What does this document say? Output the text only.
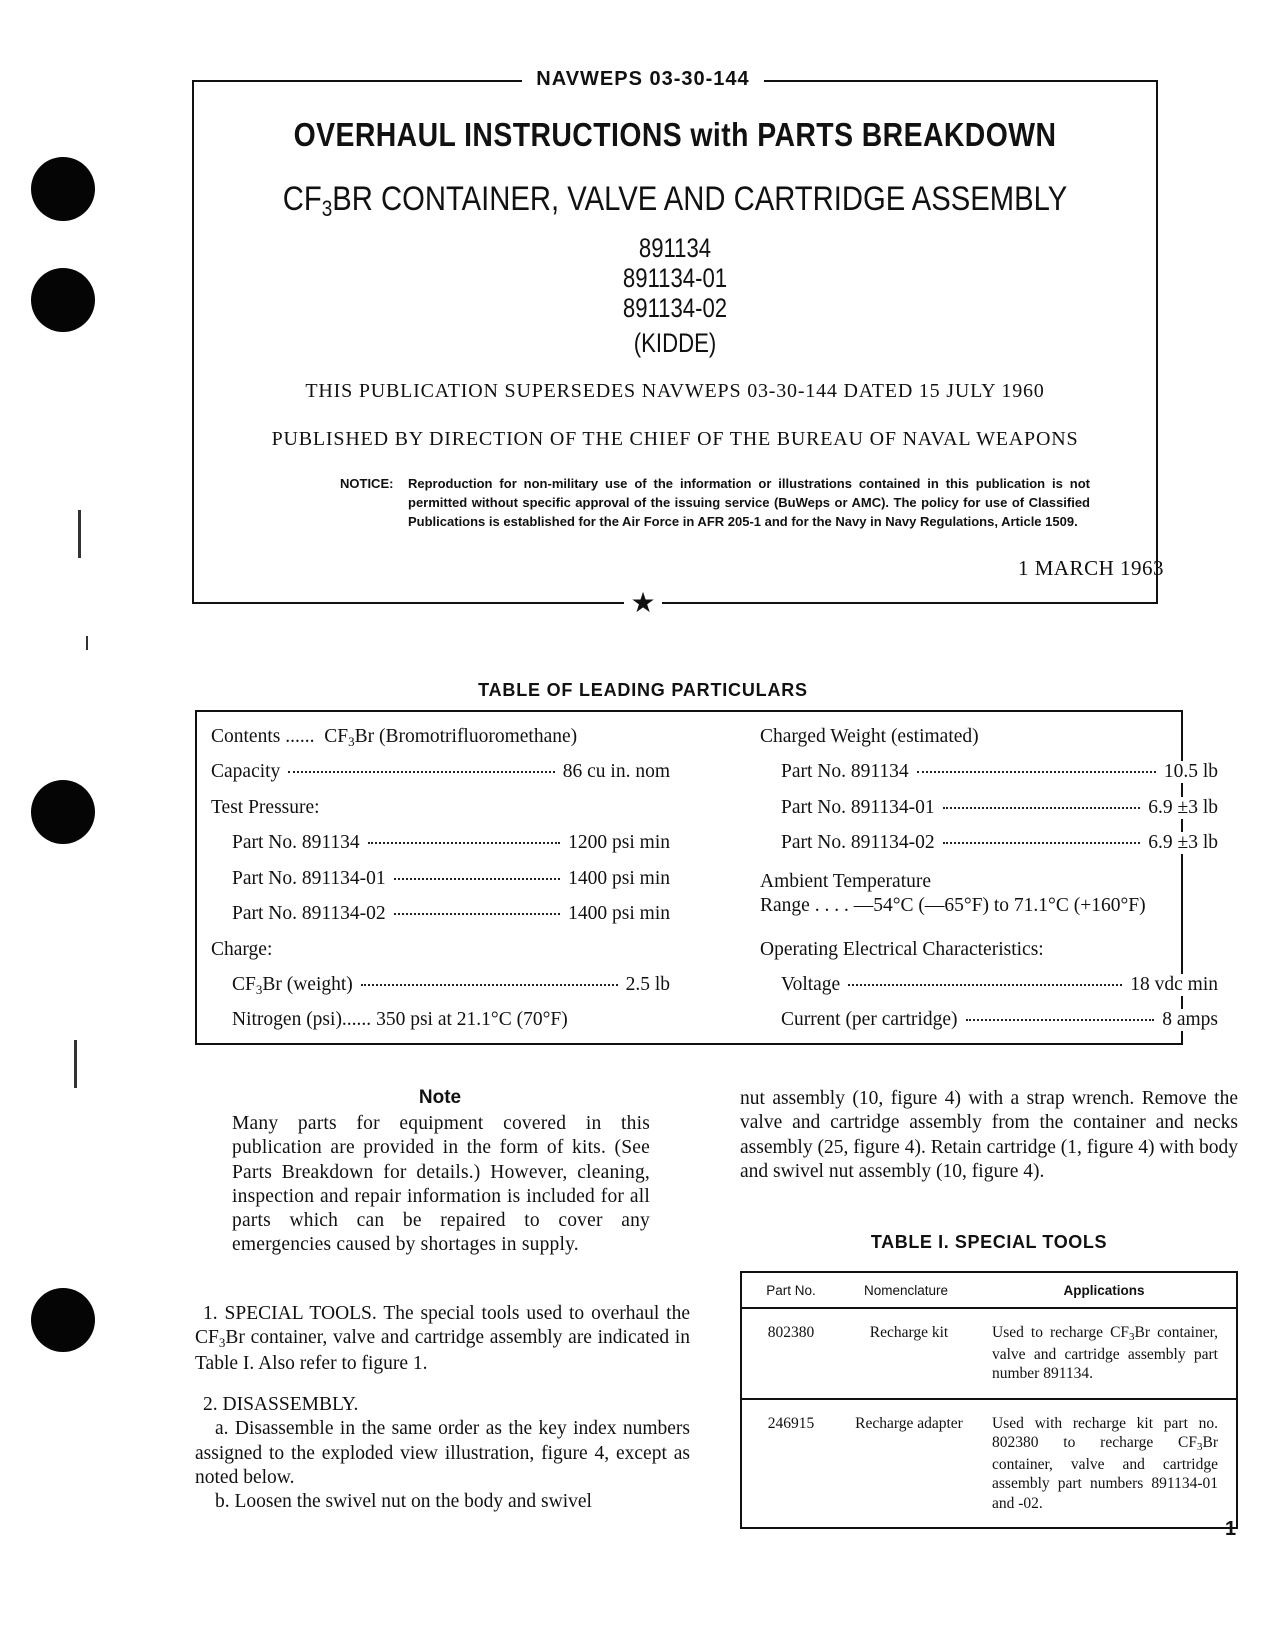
NAVWEPS 03-30-144
★
OVERHAUL INSTRUCTIONS with PARTS BREAKDOWN
CF3BR CONTAINER, VALVE AND CARTRIDGE ASSEMBLY
891134
891134-01
891134-02
(KIDDE)
THIS PUBLICATION SUPERSEDES NAVWEPS 03-30-144 DATED 15 JULY 1960
PUBLISHED BY DIRECTION OF THE CHIEF OF THE BUREAU OF NAVAL WEAPONS
NOTICE: Reproduction for non-military use of the information or illustrations contained in this publication is not permitted without specific approval of the issuing service (BuWeps or AMC). The policy for use of Classified Publications is established for the Air Force in AFR 205-1 and for the Navy in Navy Regulations, Article 1509.
1 MARCH 1963
TABLE OF LEADING PARTICULARS
Contents ...... $CF_3Br$ (Bromotrifluoromethane)
Capacity	86 cu in. nom
Test Pressure:
Part No. 891134	1200 psi min
Part No. 891134-01	1400 psi min
Part No. 891134-02	1400 psi min
Charge:
$CF_3Br$ (weight)	2.5 lb
Nitrogen (psi)...... 350 psi at 21.1°C (70°F)
Charged Weight (estimated)
Part No. 891134	10.5 lb
Part No. 891134-01	6.9 ±3 lb
Part No. 891134-02	6.9 ±3 lb
Ambient Temperature
Range . . . . —54°C (—65°F) to 71.1°C (+160°F)
Operating Electrical Characteristics:
Voltage	18 vdc min
Current (per cartridge)	8 amps
Note
Many parts for equipment covered in this publication are provided in the form of kits. (See Parts Breakdown for details.) However, cleaning, inspection and repair information is included for all parts which can be repaired to cover any emergencies caused by shortages in supply.

1. SPECIAL TOOLS. The special tools used to overhaul the $CF_3Br$ container, valve and cartridge assembly are indicated in Table I. Also refer to figure 1.

2. DISASSEMBLY.

a. Disassemble in the same order as the key index numbers assigned to the exploded view illustration, figure 4, except as noted below.

b. Loosen the swivel nut on the body and swivel

nut assembly (10, figure 4) with a strap wrench. Remove the valve and cartridge assembly from the container and necks assembly (25, figure 4). Retain cartridge (1, figure 4) with body and swivel nut assembly (10, figure 4).
TABLE I. SPECIAL TOOLS
Part No.	Nomenclature	Applications
802380	Recharge kit	Used to recharge CF3Br container, valve and cartridge assembly part number 891134.
246915	Recharge adapter	Used with recharge kit part no. 802380 to recharge CF3Br container, valve and cartridge assembly part numbers 891134-01 and -02.
1
